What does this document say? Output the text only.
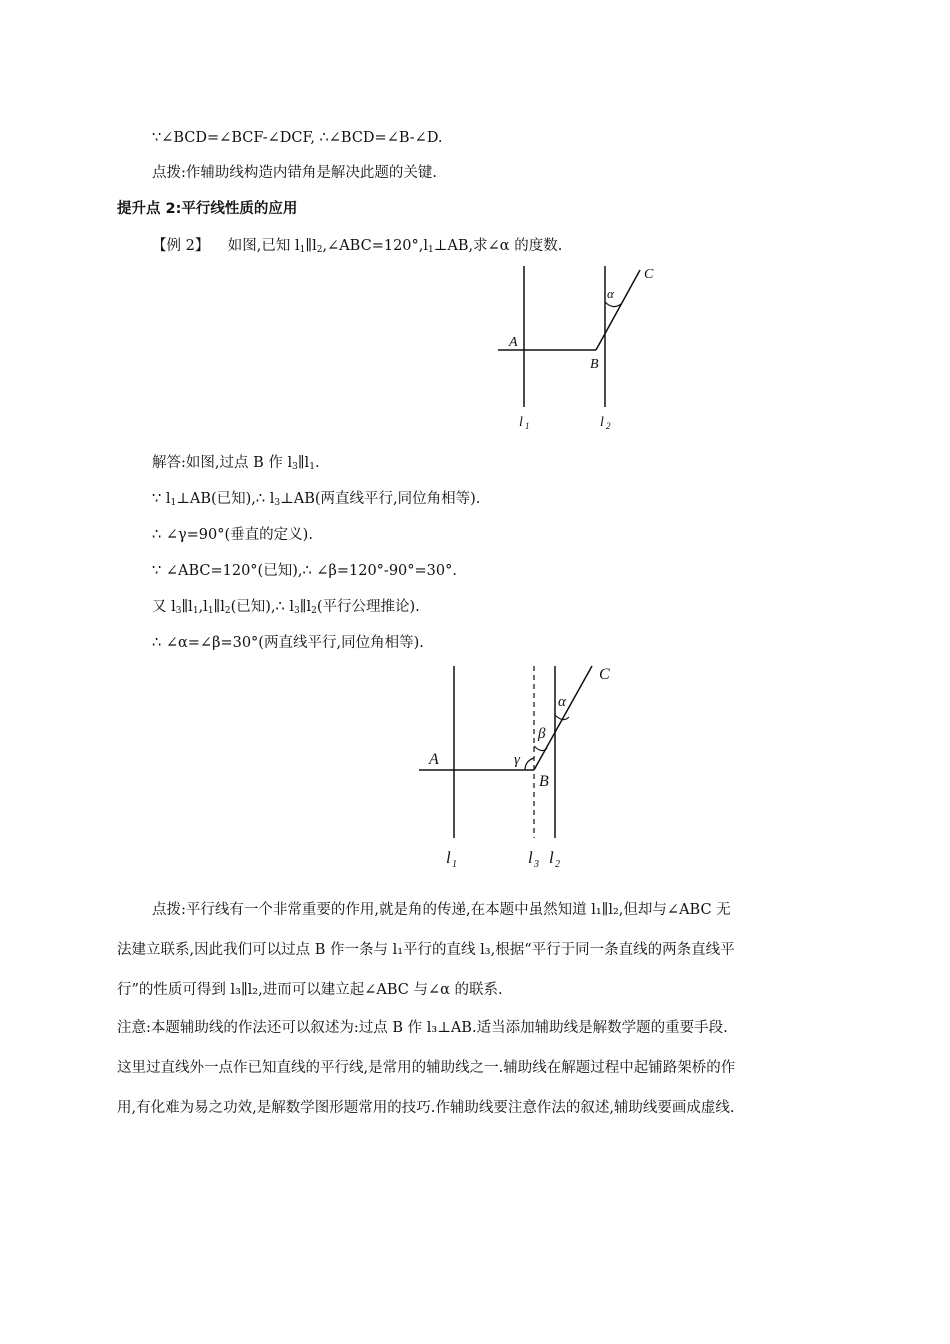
∵∠BCD=∠BCF-∠DCF, ∴∠BCD=∠B-∠D.
点拨:作辅助线构造内错角是解决此题的关键.
提升点 2:平行线性质的应用
【例 2】 如图,已知 $l_1\parallel l_2,\angle ABC=120^\circ,l_1\perp AB$,求∠α 的度数.
A
B
C
α
l 1	l 2
解答:如图,过点 B 作 $l_3\parallel l_1$.
∵ $l_1\perp AB$(已知),∴ $l_3\perp AB$(两直线平行,同位角相等).
∴ ∠γ=90°(垂直的定义).
∵ ∠ABC=120°(已知),∴ ∠β=120°-90°=30°.
又 $l_3\parallel l_1,l_1\parallel l_2$(已知),∴ $l_3\parallel l_2$(平行公理推论).
∴ ∠α=∠β=30°(两直线平行,同位角相等).
A
B
C
α
β
γ
l 1	l 3 l 2
点拨:平行线有一个非常重要的作用,就是角的传递,在本题中虽然知道 l₁∥l₂,但却与∠ABC 无
法建立联系,因此我们可以过点 B 作一条与 l₁平行的直线 l₃,根据“平行于同一条直线的两条直线平
行”的性质可得到 l₃∥l₂,进而可以建立起∠ABC 与∠α 的联系.
注意:本题辅助线的作法还可以叙述为:过点 B 作 l₃⊥AB.适当添加辅助线是解数学题的重要手段.
这里过直线外一点作已知直线的平行线,是常用的辅助线之一.辅助线在解题过程中起铺路架桥的作
用,有化难为易之功效,是解数学图形题常用的技巧.作辅助线要注意作法的叙述,辅助线要画成虚线.
